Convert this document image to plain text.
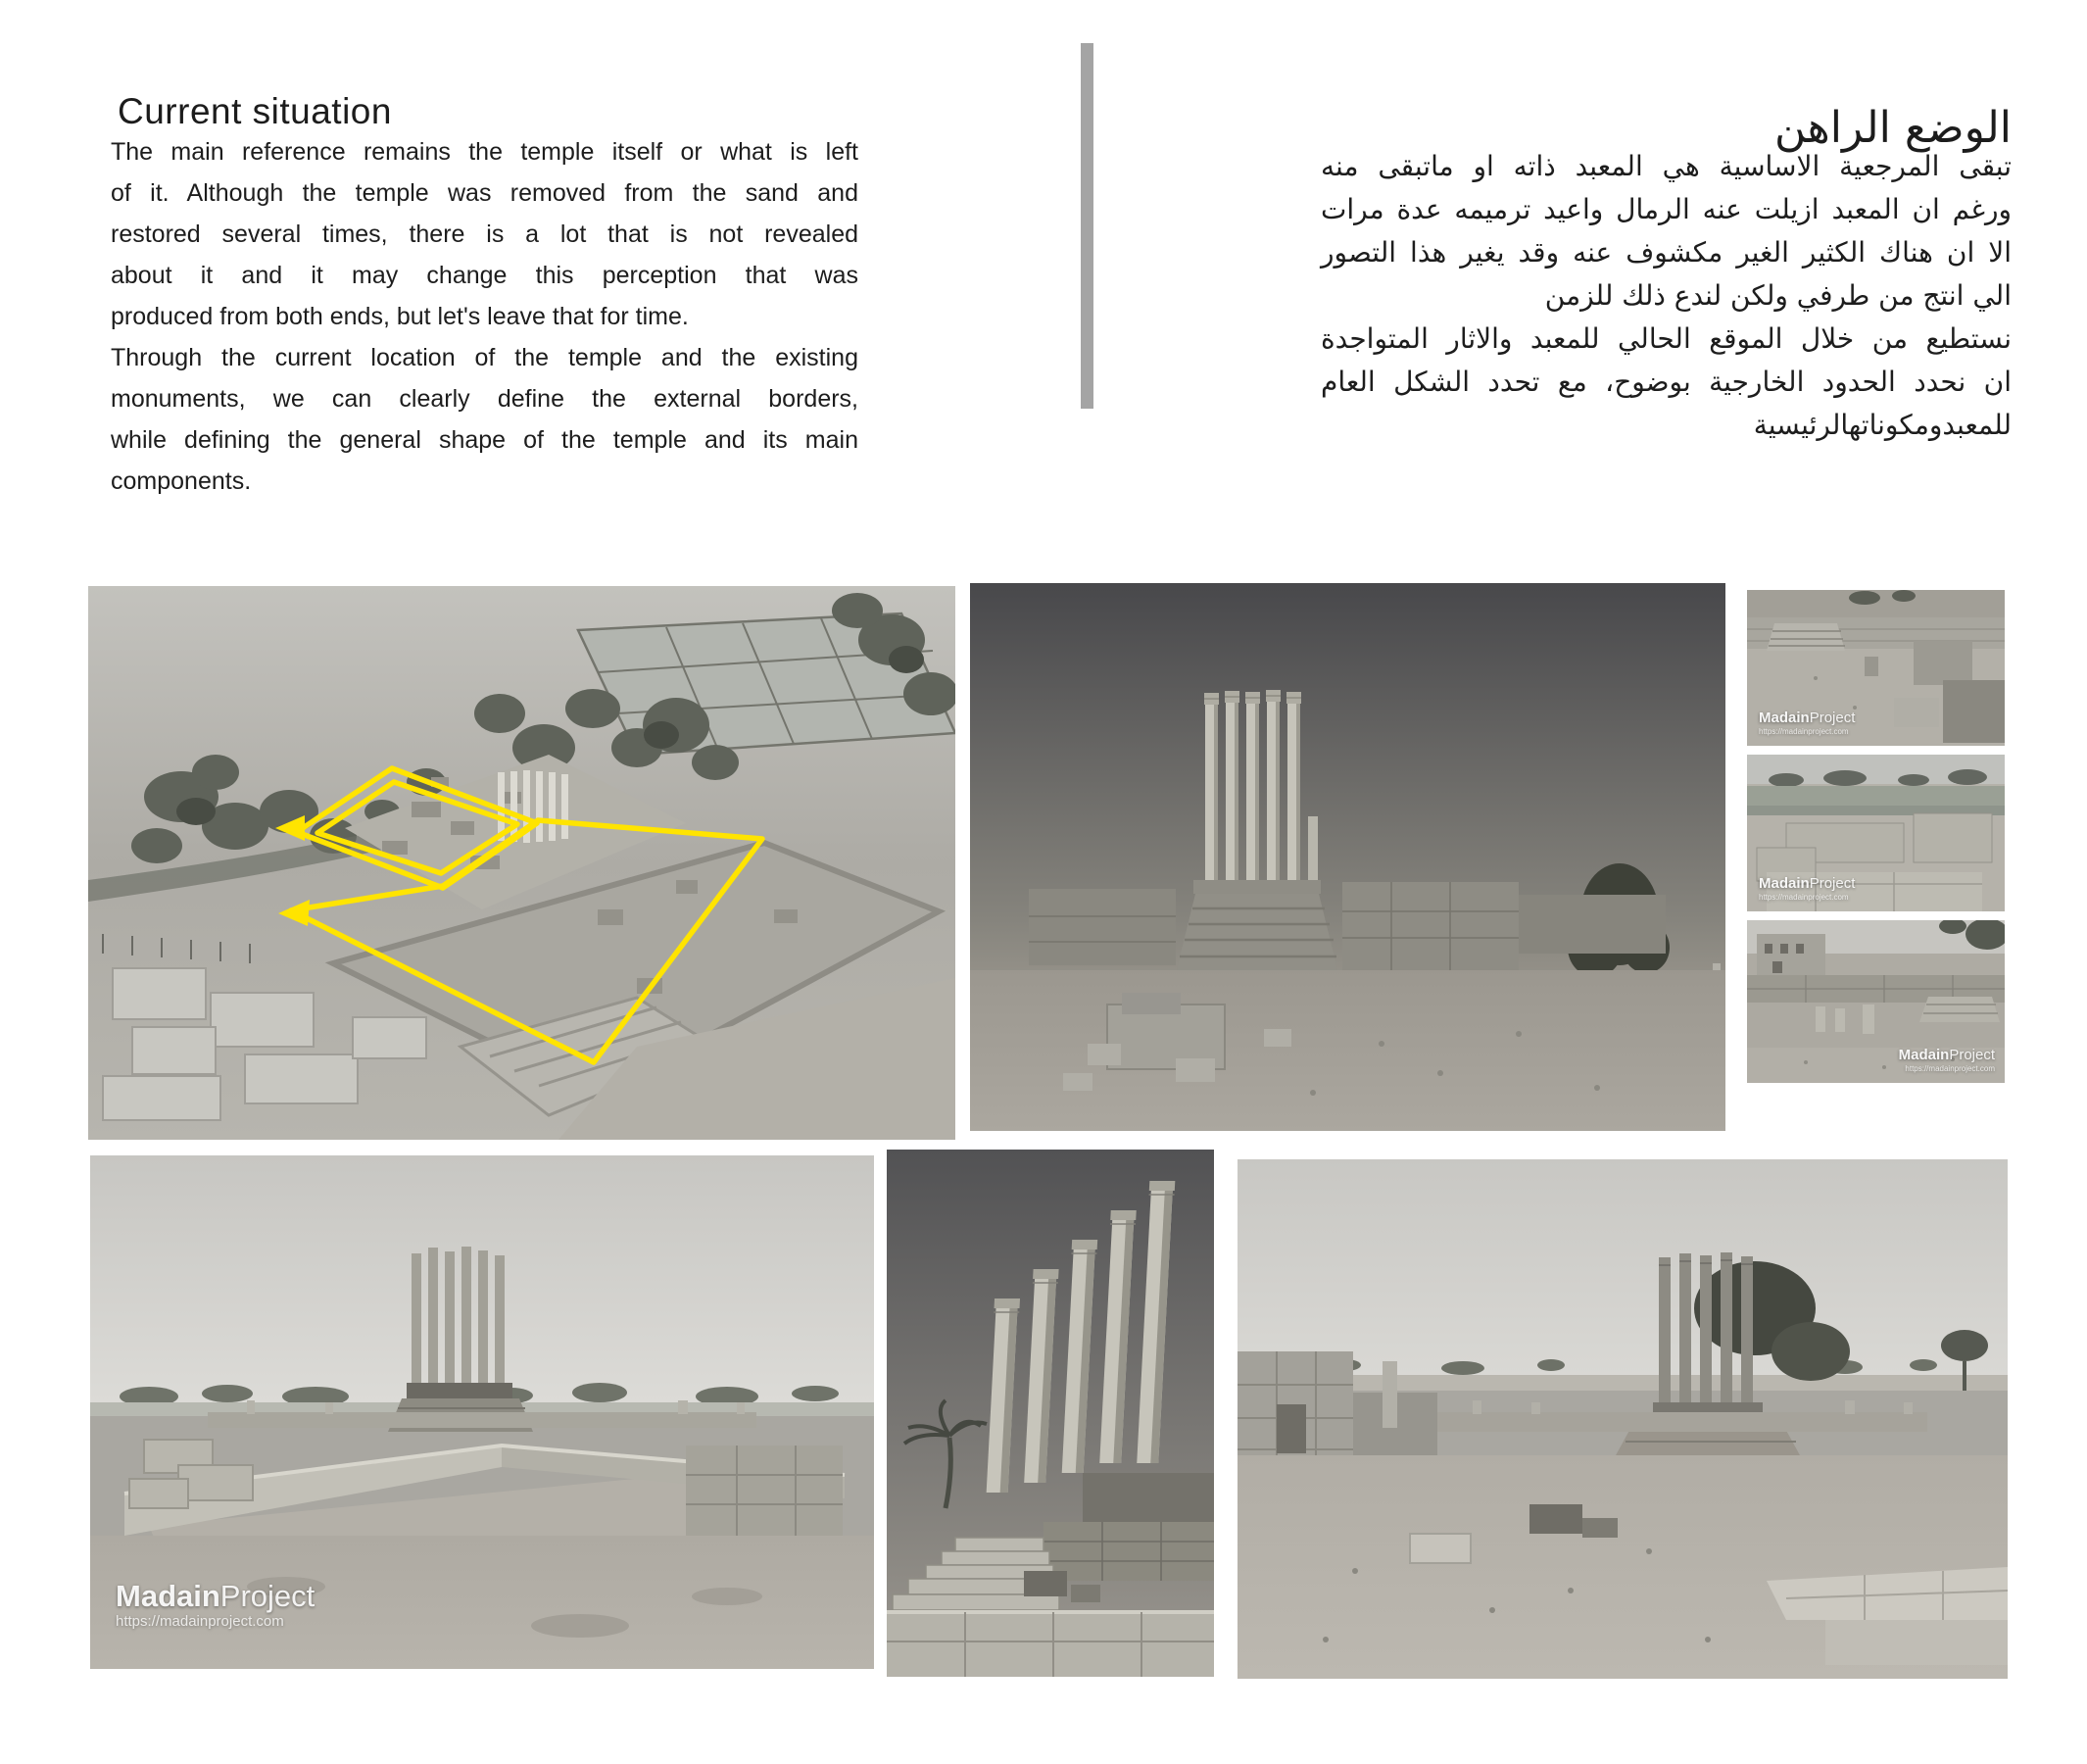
Current situation
The main reference remains the temple itself or what is left
of it. Although the temple was removed from the sand and
restored several times, there is a lot that is not revealed
about it and it may change this perception that was
produced from both ends, but let's leave that for time.
Through the current location of the temple and the existing
monuments, we can clearly define the external borders,
while defining the general shape of the temple and its main
components.
الوضع الراهن
تبقى المرجعية الاساسية هي المعبد ذاته او ماتبقى منه
ورغم ان المعبد ازيلت عنه الرمال واعيد ترميمه عدة مرات
الا ان هناك الكثير الغير مكشوف عنه وقد يغير هذا التصور
الي انتج من طرفي ولكن لندع ذلك للزمن
نستطيع من خلال الموقع الحالي للمعبد والاثار المتواجدة
ان نحدد الحدود الخارجية بوضوح، مع تحدد الشكل العام
للمعبدومكوناتهالرئيسية
MadainProject
https://madainproject.com
MadainProject
https://madainproject.com
MadainProject
https://madainproject.com
MadainProject
https://madainproject.com
